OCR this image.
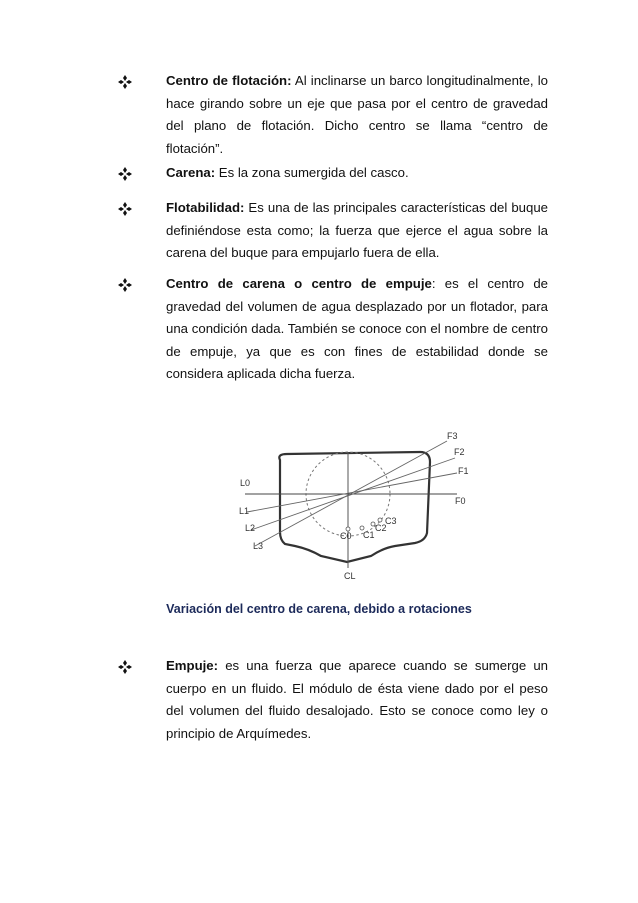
Centro de flotación: Al inclinarse un barco longitudinalmente, lo hace girando sobre un eje que pasa por el centro de gravedad del plano de flotación. Dicho centro se llama “centro de flotación”.
Carena: Es la zona sumergida del casco.
Flotabilidad: Es una de las principales características del buque definiéndose esta como; la fuerza que ejerce el agua sobre la carena del buque para empujarlo fuera de ella.
Centro de carena o centro de empuje: es el centro de gravedad del volumen de agua desplazado por un flotador, para una condición dada. También se conoce con el nombre de centro de empuje, ya que es con fines de estabilidad donde se considera aplicada dicha fuerza.
F3
F2
F1
F0
L0
L1
L2
L3
C0 C1
C2
C3
CL
Variación del centro de carena, debido a rotaciones
Empuje: es una fuerza que aparece cuando se sumerge un cuerpo en un fluido. El módulo de ésta viene dado por el peso del volumen del fluido desalojado. Esto se conoce como ley o principio de Arquímedes.
